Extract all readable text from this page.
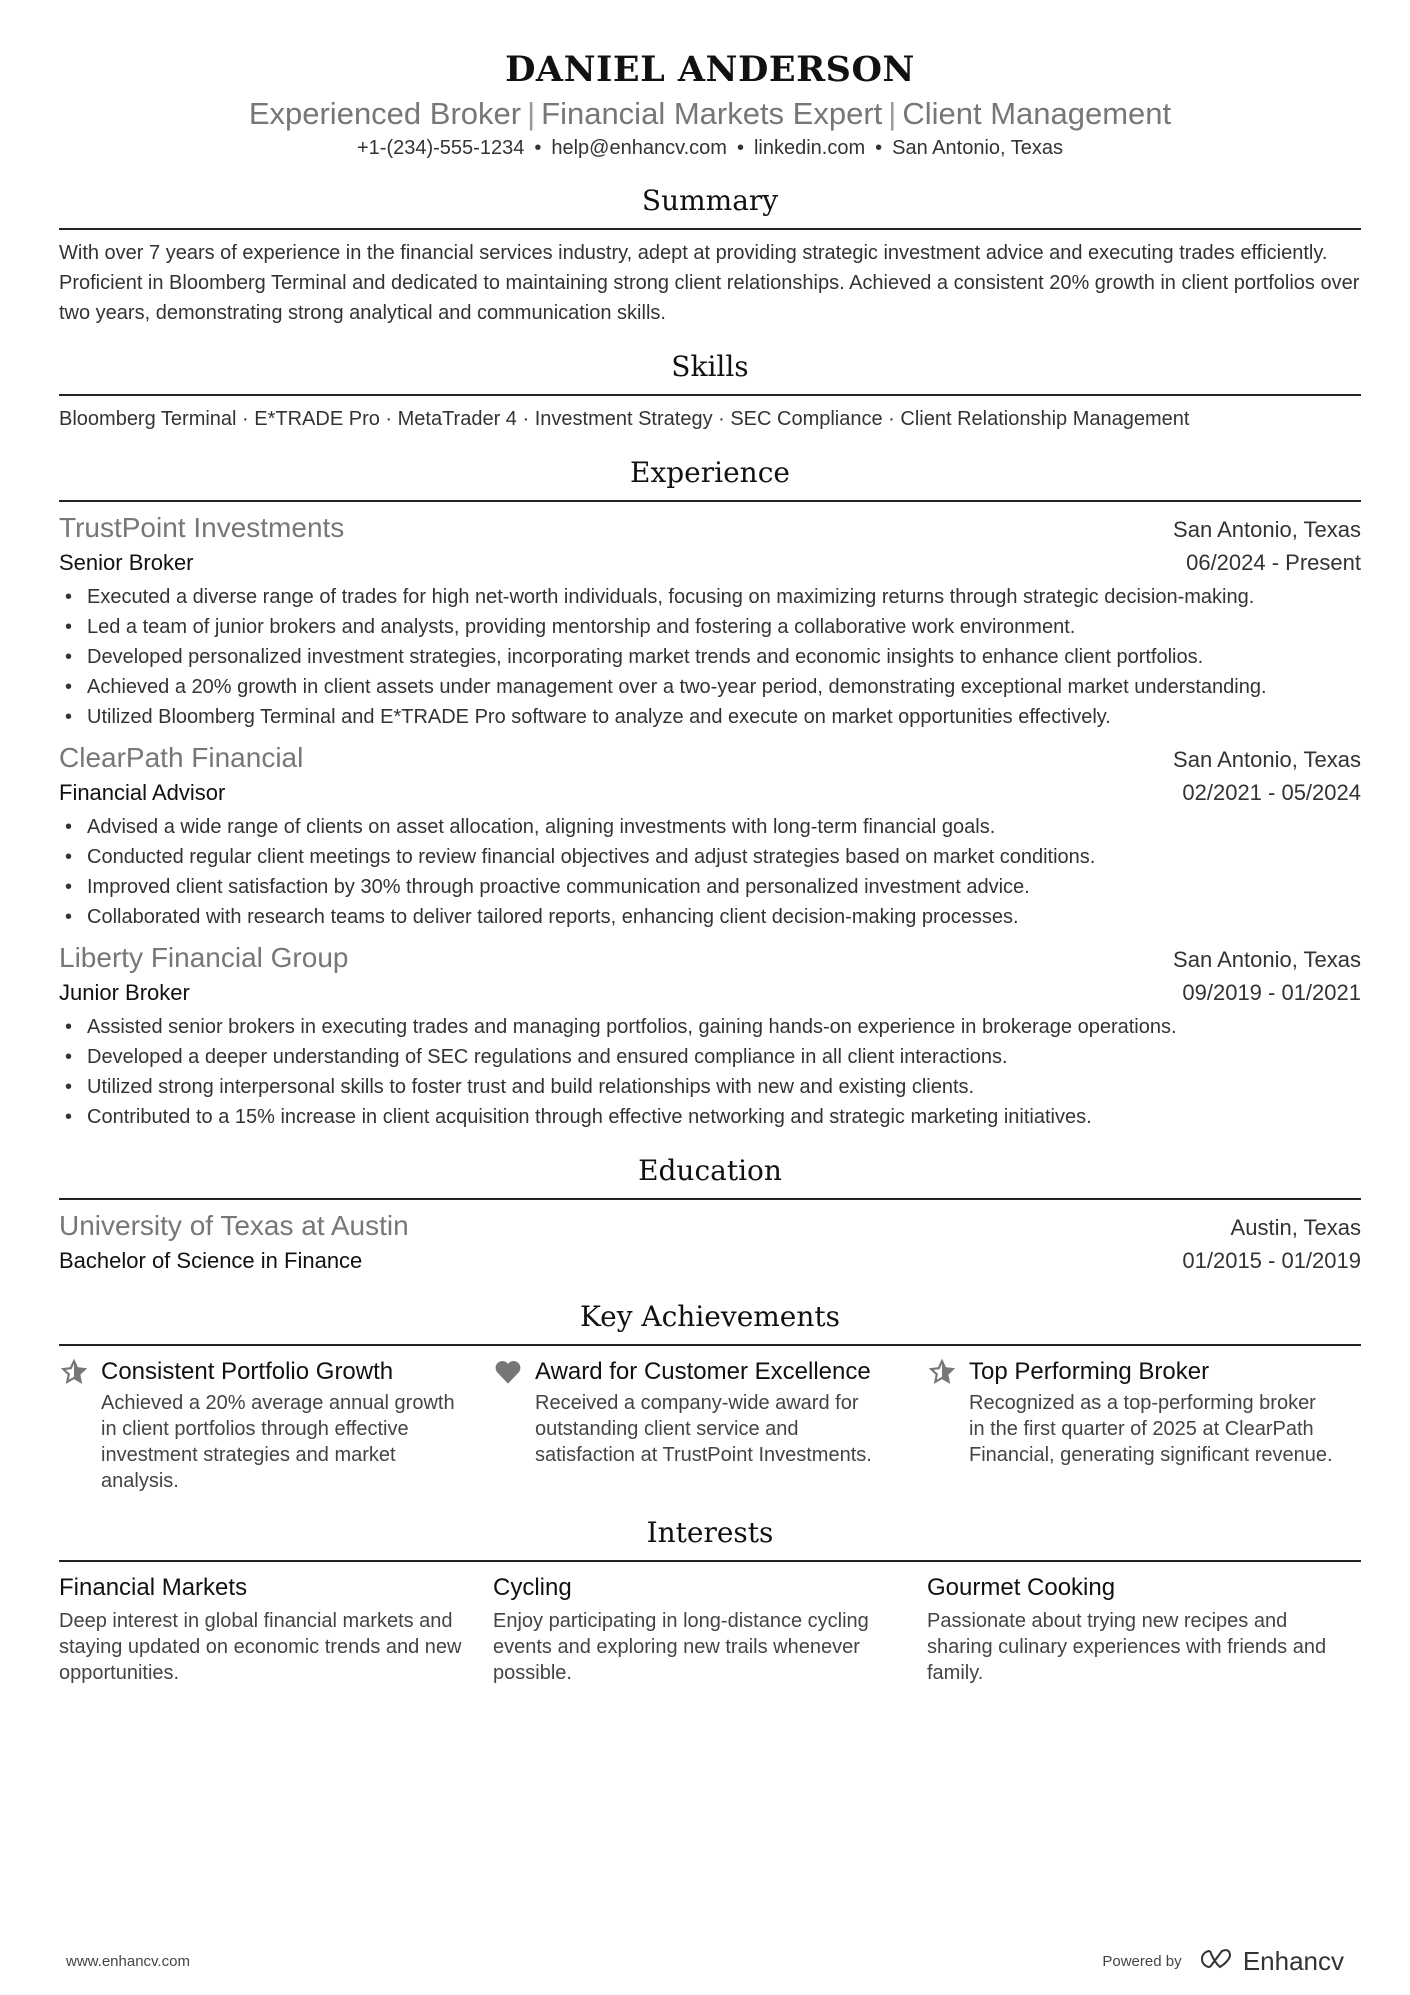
DANIEL ANDERSON
Experienced Broker | Financial Markets Expert | Client Management
+1-(234)-555-1234 • help@enhancv.com • linkedin.com • San Antonio, Texas
Summary
With over 7 years of experience in the financial services industry, adept at providing strategic investment advice and executing trades efficiently. Proficient in Bloomberg Terminal and dedicated to maintaining strong client relationships. Achieved a consistent 20% growth in client portfolios over two years, demonstrating strong analytical and communication skills.
Skills
Bloomberg Terminal · E*TRADE Pro · MetaTrader 4 · Investment Strategy · SEC Compliance · Client Relationship Management
Experience
TrustPoint Investments	San Antonio, Texas
Senior Broker	06/2024 - Present
• Executed a diverse range of trades for high net-worth individuals, focusing on maximizing returns through strategic decision-making.
• Led a team of junior brokers and analysts, providing mentorship and fostering a collaborative work environment.
• Developed personalized investment strategies, incorporating market trends and economic insights to enhance client portfolios.
• Achieved a 20% growth in client assets under management over a two-year period, demonstrating exceptional market understanding.
• Utilized Bloomberg Terminal and E*TRADE Pro software to analyze and execute on market opportunities effectively.
ClearPath Financial	San Antonio, Texas
Financial Advisor	02/2021 - 05/2024
• Advised a wide range of clients on asset allocation, aligning investments with long-term financial goals.
• Conducted regular client meetings to review financial objectives and adjust strategies based on market conditions.
• Improved client satisfaction by 30% through proactive communication and personalized investment advice.
• Collaborated with research teams to deliver tailored reports, enhancing client decision-making processes.
Liberty Financial Group	San Antonio, Texas
Junior Broker	09/2019 - 01/2021
• Assisted senior brokers in executing trades and managing portfolios, gaining hands-on experience in brokerage operations.
• Developed a deeper understanding of SEC regulations and ensured compliance in all client interactions.
• Utilized strong interpersonal skills to foster trust and build relationships with new and existing clients.
• Contributed to a 15% increase in client acquisition through effective networking and strategic marketing initiatives.
Education
University of Texas at Austin	Austin, Texas
Bachelor of Science in Finance	01/2015 - 01/2019
Key Achievements
Consistent Portfolio Growth
Achieved a 20% average annual growth in client portfolios through effective investment strategies and market analysis.
Award for Customer Excellence
Received a company-wide award for outstanding client service and satisfaction at TrustPoint Investments.
Top Performing Broker
Recognized as a top-performing broker in the first quarter of 2025 at ClearPath Financial, generating significant revenue.
Interests
Financial Markets
Deep interest in global financial markets and staying updated on economic trends and new opportunities.
Cycling
Enjoy participating in long-distance cycling events and exploring new trails whenever possible.
Gourmet Cooking
Passionate about trying new recipes and sharing culinary experiences with friends and family.
www.enhancv.com	Powered by	Enhancv
